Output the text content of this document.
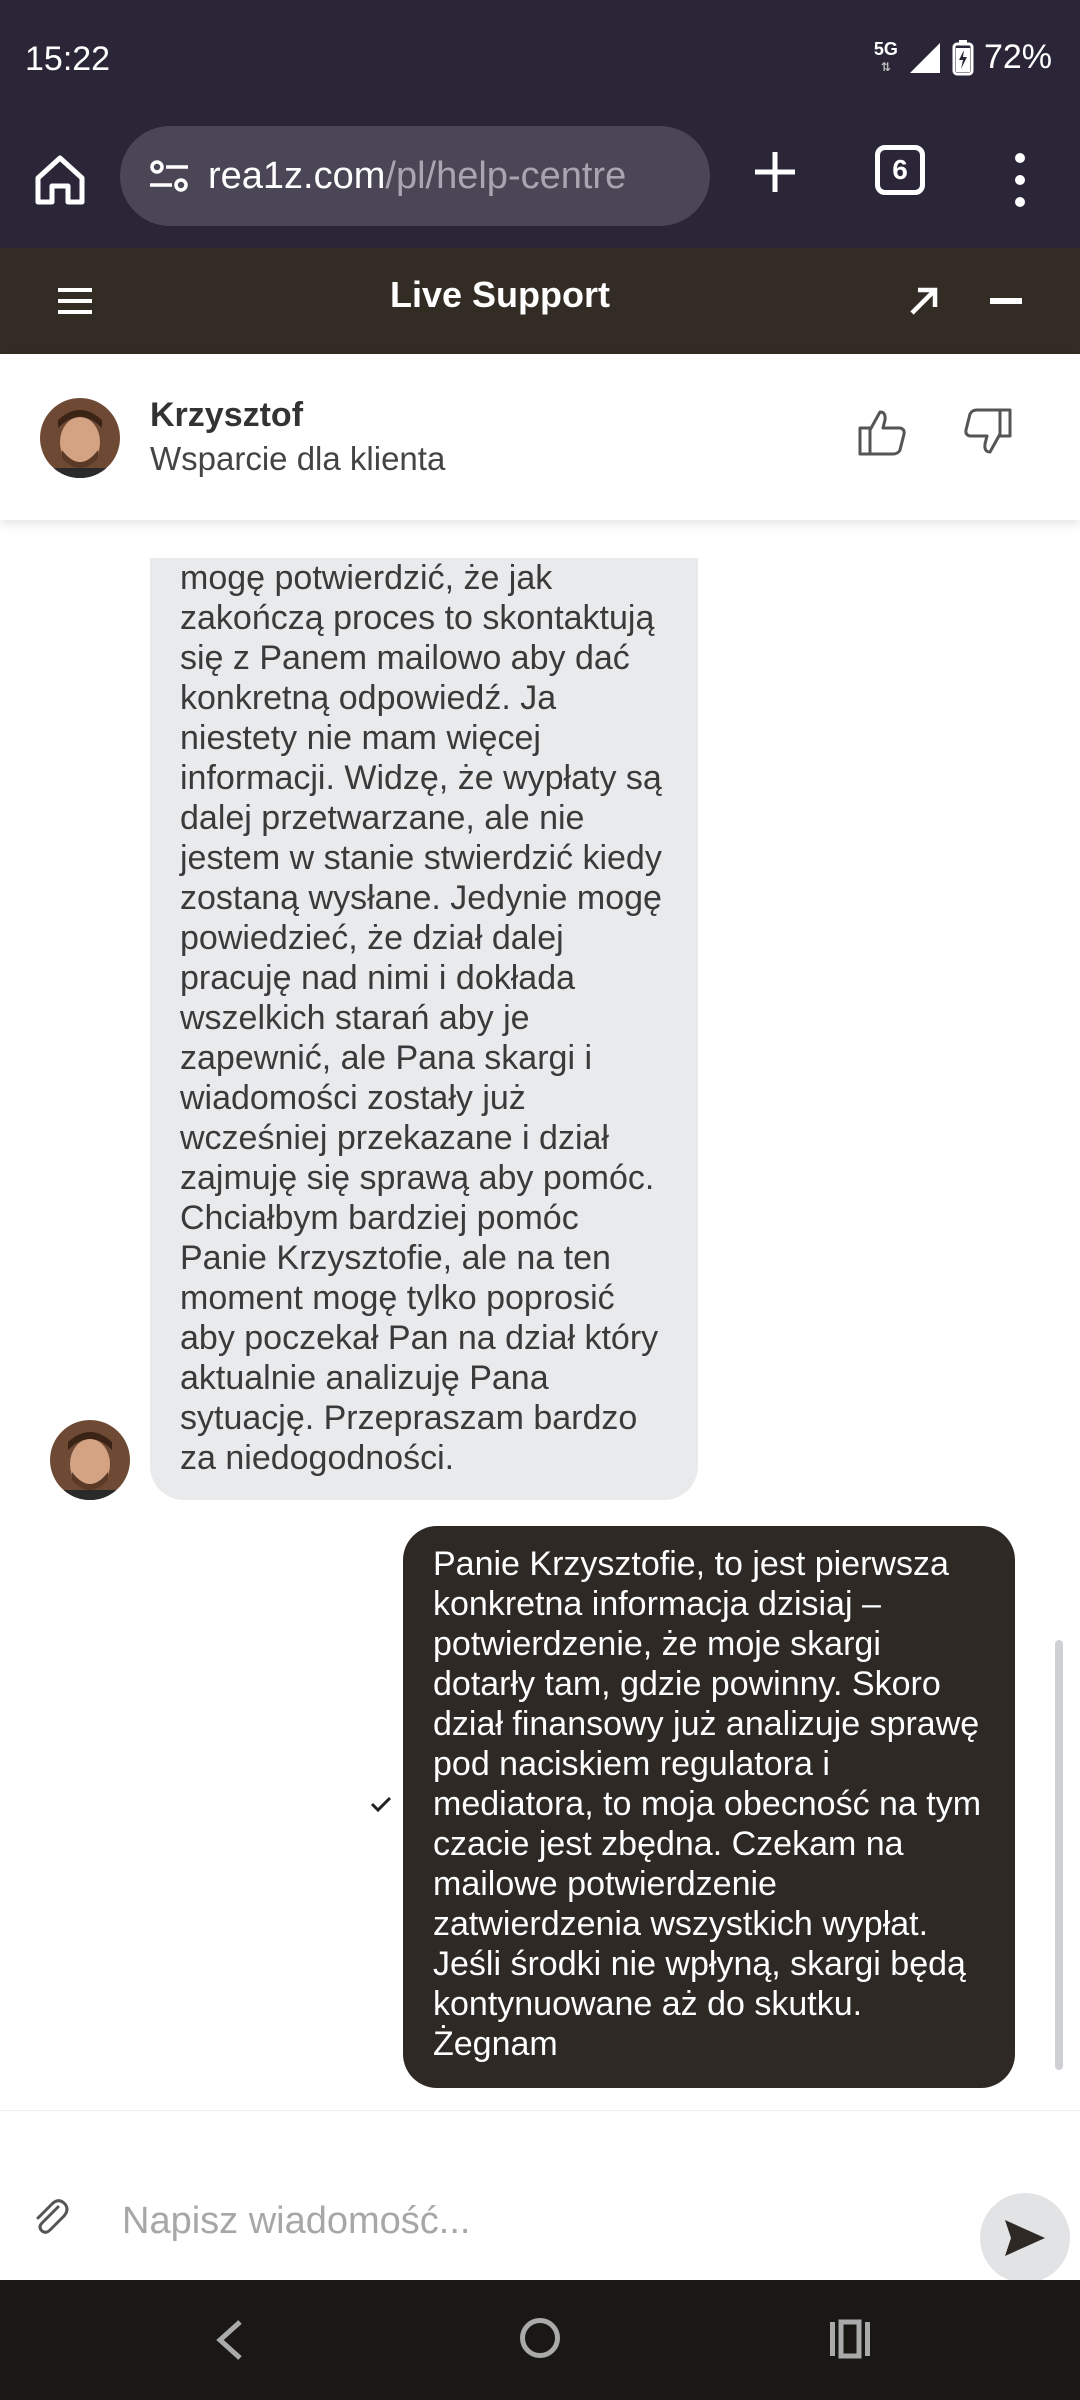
15:22	5G
⇅	72%
rea1z.com/pl/help-centre	6
Live Support
Krzysztof
Wsparcie dla klienta
mogę potwierdzić, że jak zakończą proces to skontaktują się z Panem mailowo aby dać konkretną odpowiedź. Ja niestety nie mam więcej informacji. Widzę, że wypłaty są dalej przetwarzane, ale nie jestem w stanie stwierdzić kiedy zostaną wysłane. Jedynie mogę powiedzieć, że dział dalej pracuję nad nimi i dokłada wszelkich starań aby je zapewnić, ale Pana skargi i wiadomości zostały już wcześniej przekazane i dział zajmuję się sprawą aby pomóc. Chciałbym bardziej pomóc Panie Krzysztofie, ale na ten moment mogę tylko poprosić aby poczekał Pan na dział który aktualnie analizuję Pana sytuację. Przepraszam bardzo za niedogodności.
Panie Krzysztofie, to jest pierwsza konkretna informacja dzisiaj – potwierdzenie, że moje skargi dotarły tam, gdzie powinny. Skoro dział finansowy już analizuje sprawę pod naciskiem regulatora i mediatora, to moja obecność na tym czacie jest zbędna. Czekam na mailowe potwierdzenie zatwierdzenia wszystkich wypłat. Jeśli środki nie wpłyną, skargi będą kontynuowane aż do skutku. Żegnam
Napisz wiadomość...
